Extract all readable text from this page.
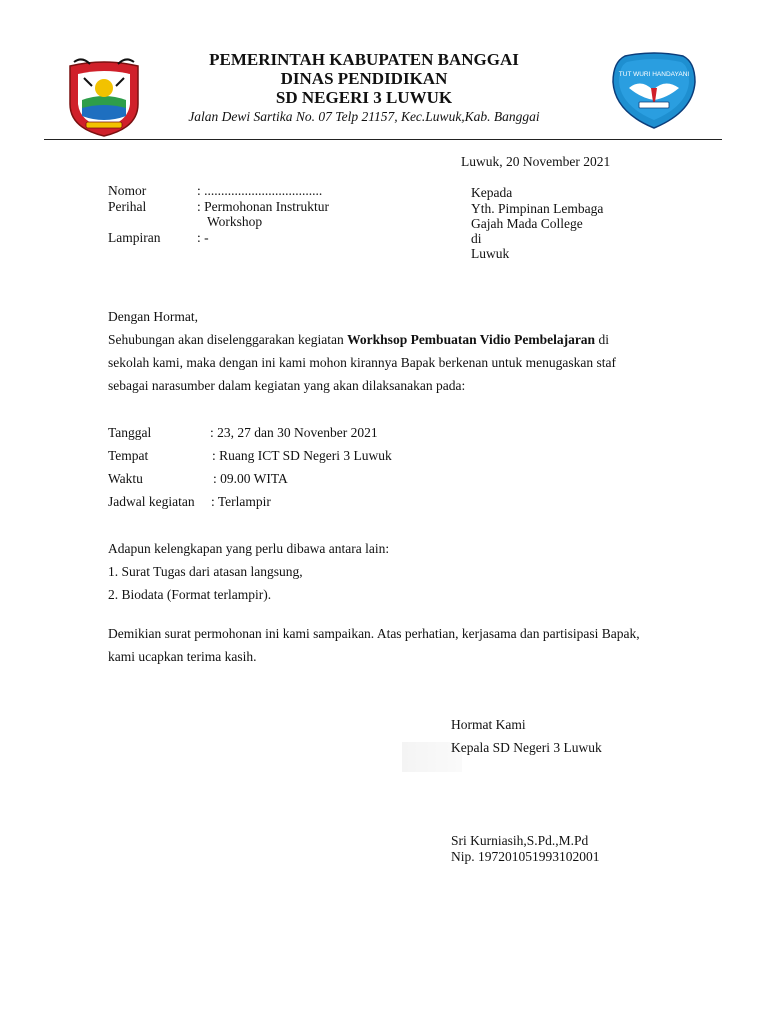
TUT WURI HANDAYANI
PEMERINTAH KABUPATEN BANGGAI
DINAS PENDIDIKAN
SD NEGERI 3 LUWUK
Jalan Dewi Sartika No. 07 Telp 21157, Kec.Luwuk,Kab. Banggai
Luwuk, 20 November 2021
Nomor	: ...................................
Perihal	: Permohonan Instruktur
Workshop
Lampiran	: -
Kepada
Yth. Pimpinan Lembaga
Gajah Mada College
di
Luwuk
Dengan Hormat,
Sehubungan akan diselenggarakan kegiatan Workhsop Pembuatan Vidio Pembelajaran di
sekolah kami, maka dengan ini kami mohon kirannya Bapak berkenan untuk menugaskan staf
sebagai narasumber dalam kegiatan yang akan dilaksanakan pada:
Tanggal	: 23, 27 dan 30 Novenber 2021
Tempat	: Ruang ICT SD Negeri 3 Luwuk
Waktu	: 09.00 WITA
Jadwal kegiatan : Terlampir
Adapun kelengkapan yang perlu dibawa antara lain:
1. Surat Tugas dari atasan langsung,
2. Biodata (Format terlampir).
Demikian surat permohonan ini kami sampaikan. Atas perhatian, kerjasama dan partisipasi Bapak,
kami ucapkan terima kasih.
Hormat Kami
Kepala SD Negeri 3 Luwuk
Sri Kurniasih,S.Pd.,M.Pd
Nip. 197201051993102001
